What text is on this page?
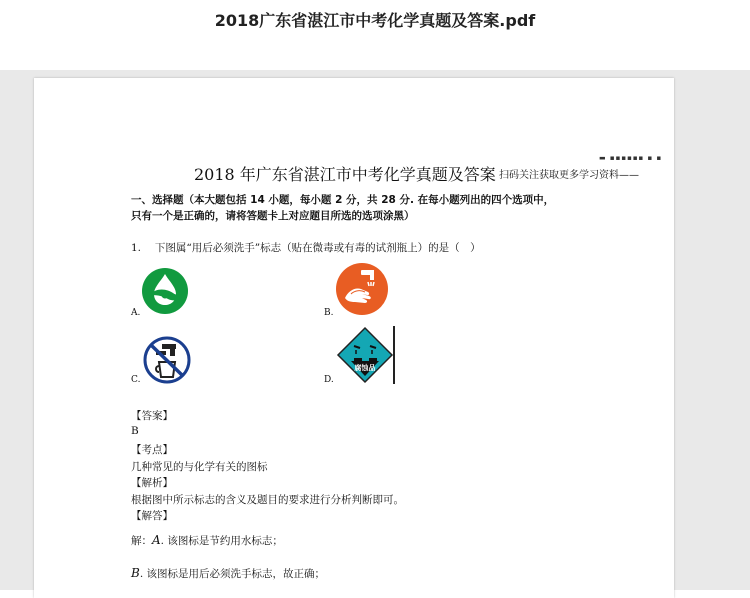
2018广东省湛江市中考化学真题及答案.pdf
▬ ▪▪▪▪▪▪ ▪ ▪
2018 年广东省湛江市中考化学真题及答案 扫码关注获取更多学习资料——
一、选择题（本大题包括 14 小题，每小题 2 分，共 28 分. 在每小题列出的四个选项中，
只有一个是正确的，请将答题卡上对应题目所选的选项涂黑）
1.　 下图属“用后必须洗手”标志（贴在微毒或有毒的试剂瓶上）的是（　）
A.	B.
C.
腐蚀品
D.
【答案】
B
【考点】
几种常见的与化学有关的图标
【解析】
根据图中所示标志的含义及题目的要求进行分析判断即可。
【解答】
解：A. 该图标是节约用水标志；
B. 该图标是用后必须洗手标志，故正确；
